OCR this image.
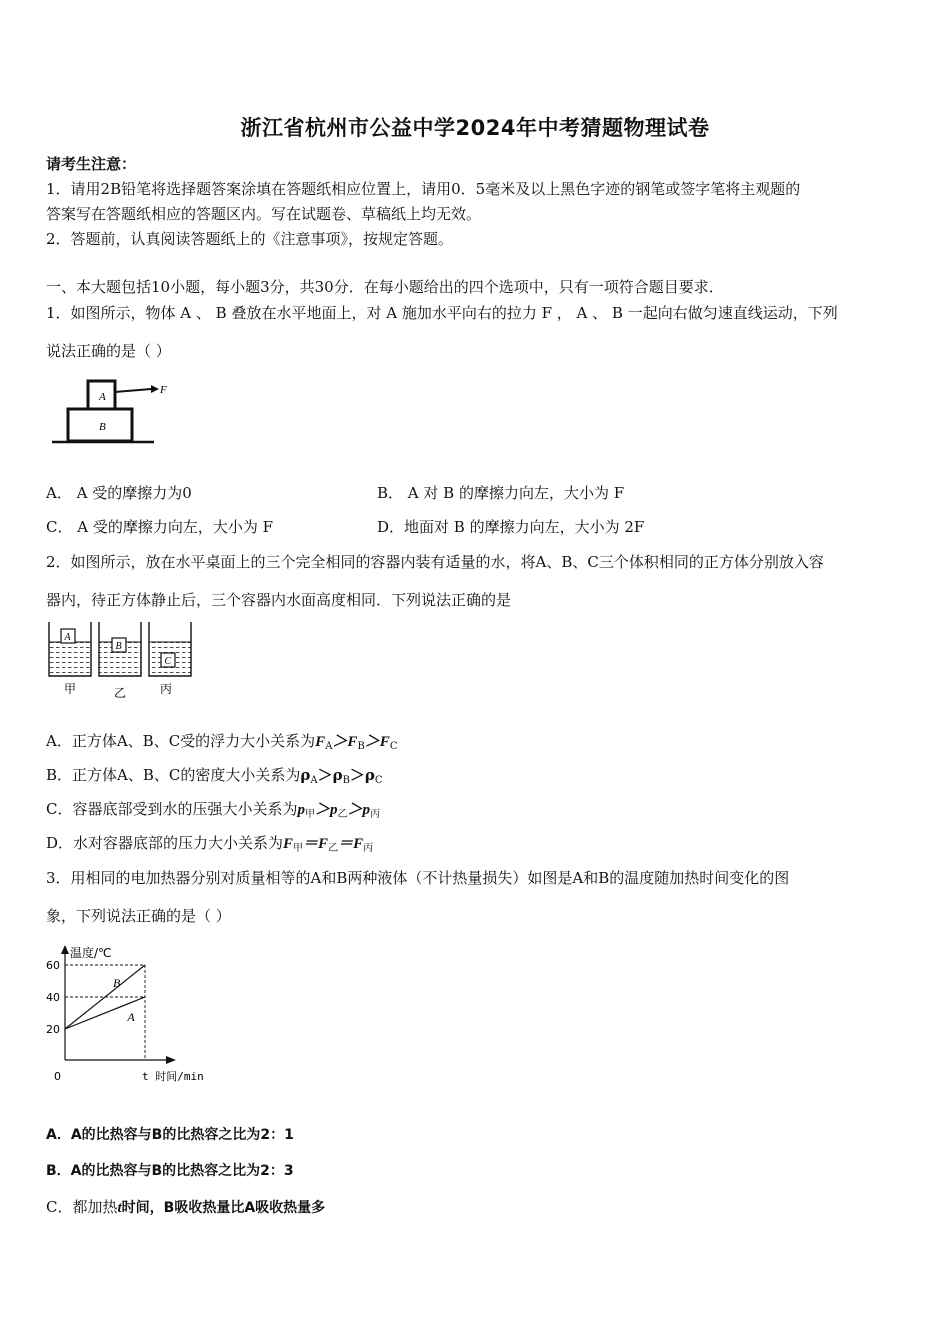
浙江省杭州市公益中学2024年中考猜题物理试卷
请考生注意：
1．请用2B铅笔将选择题答案涂填在答题纸相应位置上，请用0．5毫米及以上黑色字迹的钢笔或签字笔将主观题的
答案写在答题纸相应的答题区内。写在试题卷、草稿纸上均无效。
2．答题前，认真阅读答题纸上的《注意事项》，按规定答题。
一、本大题包括10小题，每小题3分，共30分．在每小题给出的四个选项中，只有一项符合题目要求．
1．如图所示，物体 A 、 B 叠放在水平地面上，对 A 施加水平向右的拉力 F ， A 、 B 一起向右做匀速直线运动，下列
说法正确的是（ ）
A
B
F
A． A 受的摩擦力为0	B． A 对 B 的摩擦力向左，大小为 F
C． A 受的摩擦力向左，大小为 F	D．地面对 B 的摩擦力向左，大小为 2F
2．如图所示，放在水平桌面上的三个完全相同的容器内装有适量的水，将A、B、C三个体积相同的正方体分别放入容
器内，待正方体静止后，三个容器内水面高度相同．下列说法正确的是
A
甲
B
乙
C
丙
A．正方体A、B、C受的浮力大小关系为$F_A>F_B>F_C$
B．正方体A、B、C的密度大小关系为$\rho_A>\rho_B>\rho_C$
C．容器底部受到水的压强大小关系为$p_甲>p_乙>p_丙$
D．水对容器底部的压力大小关系为$F_甲=F_乙=F_丙$
3．用相同的电加热器分别对质量相等的A和B两种液体（不计热量损失）如图是A和B的温度随加热时间变化的图
象，下列说法正确的是（ ）
温度/℃
t 时间/min
0
20
40
60
A
B
A．A的比热容与B的比热容之比为2：1
B．A的比热容与B的比热容之比为2：3
C．都加热t时间，B吸收热量比A吸收热量多
